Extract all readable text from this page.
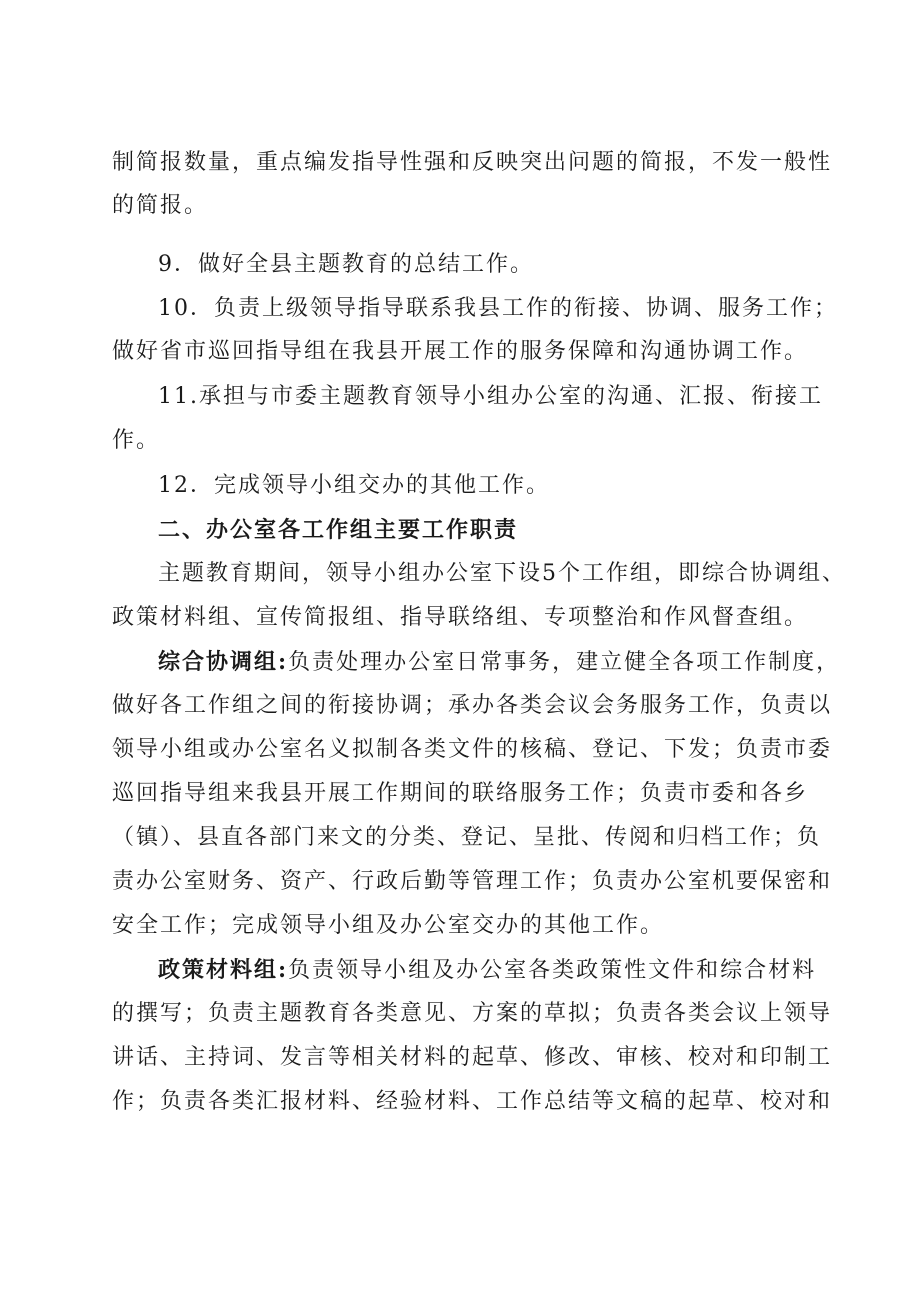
制简报数量，重点编发指导性强和反映突出问题的简报，不发一般性
的简报。
9．做好全县主题教育的总结工作。
10．负责上级领导指导联系我县工作的衔接、协调、服务工作；
做好省市巡回指导组在我县开展工作的服务保障和沟通协调工作。
11.承担与市委主题教育领导小组办公室的沟通、汇报、衔接工
作。
12．完成领导小组交办的其他工作。
二、办公室各工作组主要工作职责
主题教育期间，领导小组办公室下设5个工作组，即综合协调组、
政策材料组、宣传简报组、指导联络组、专项整治和作风督查组。
综合协调组:负责处理办公室日常事务，建立健全各项工作制度，
做好各工作组之间的衔接协调；承办各类会议会务服务工作，负责以
领导小组或办公室名义拟制各类文件的核稿、登记、下发；负责市委
巡回指导组来我县开展工作期间的联络服务工作；负责市委和各乡
（镇）、县直各部门来文的分类、登记、呈批、传阅和归档工作；负
责办公室财务、资产、行政后勤等管理工作；负责办公室机要保密和
安全工作；完成领导小组及办公室交办的其他工作。
政策材料组:负责领导小组及办公室各类政策性文件和综合材料
的撰写；负责主题教育各类意见、方案的草拟；负责各类会议上领导
讲话、主持词、发言等相关材料的起草、修改、审核、校对和印制工
作；负责各类汇报材料、经验材料、工作总结等文稿的起草、校对和
